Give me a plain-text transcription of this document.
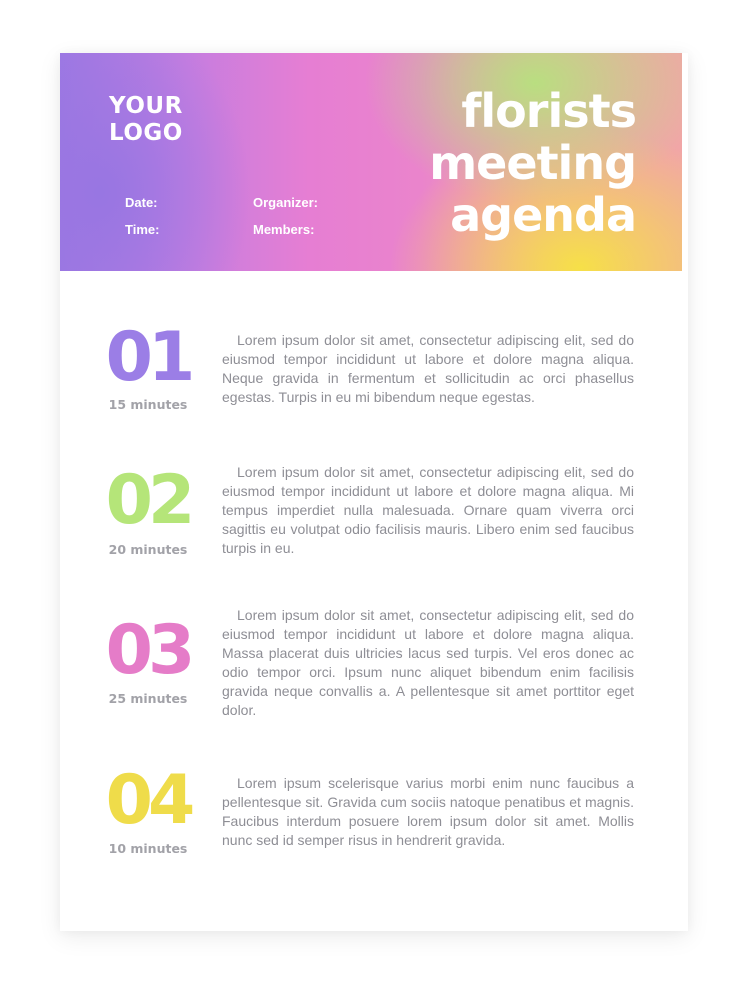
YOUR
LOGO
Date:
Time:
Organizer:
Members:
florists
meeting
agenda
01
15 minutes

Lorem ipsum dolor sit amet, consectetur adipiscing elit, sed do eiusmod tempor incididunt ut labore et dolore magna aliqua. Neque gravida in fermentum et sollicitudin ac orci phasellus egestas. Turpis in eu mi bibendum neque egestas.

02
20 minutes

Lorem ipsum dolor sit amet, consectetur adipiscing elit, sed do eiusmod tempor incididunt ut labore et dolore magna aliqua. Mi tempus imperdiet nulla malesuada. Ornare quam viverra orci sagittis eu volutpat odio facilisis mauris. Libero enim sed faucibus turpis in eu.

03
25 minutes

Lorem ipsum dolor sit amet, consectetur adipiscing elit, sed do eiusmod tempor incididunt ut labore et dolore magna aliqua. Massa placerat duis ultricies lacus sed turpis. Vel eros donec ac odio tempor orci. Ipsum nunc aliquet bibendum enim facilisis gravida neque convallis a. A pellentesque sit amet porttitor eget dolor.

04
10 minutes

Lorem ipsum scelerisque varius morbi enim nunc faucibus a pellentesque sit. Gravida cum sociis natoque penatibus et magnis. Faucibus interdum posuere lorem ipsum dolor sit amet. Mollis nunc sed id semper risus in hendrerit gravida.
